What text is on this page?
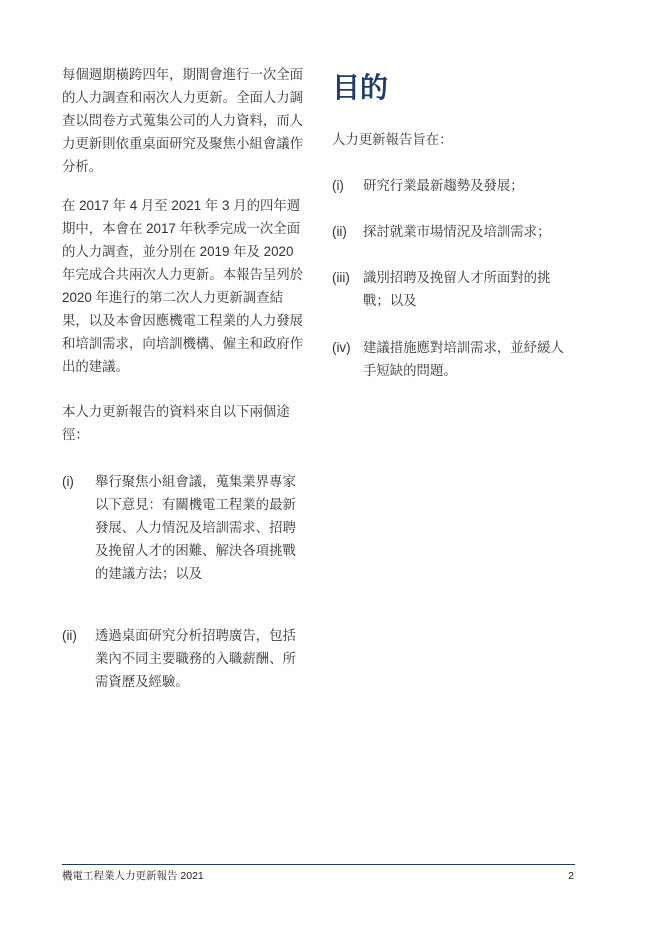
每個週期橫跨四年，期間會進行一次全面
的人力調查和兩次人力更新。全面人力調
查以問卷方式蒐集公司的人力資料，而人
力更新則依重桌面研究及聚焦小組會議作
分析。
在 2017 年 4 月至 2021 年 3 月的四年週
期中，本會在 2017 年秋季完成一次全面
的人力調查，並分別在 2019 年及 2020
年完成合共兩次人力更新。本報告呈列於
2020 年進行的第二次人力更新調查結
果，以及本會因應機電工程業的人力發展
和培訓需求，向培訓機構、僱主和政府作
出的建議。
本人力更新報告的資料來自以下兩個途
徑：
(i) 舉行聚焦小組會議，蒐集業界專家
以下意見：有關機電工程業的最新
發展、人力情況及培訓需求、招聘
及挽留人才的困難、解決各項挑戰
的建議方法；以及
(ii) 透過桌面研究分析招聘廣告，包括
業內不同主要職務的入職薪酬、所
需資歷及經驗。
目的
人力更新報告旨在：
(i) 研究行業最新趨勢及發展；
(ii) 探討就業市場情況及培訓需求；
(iii) 識別招聘及挽留人才所面對的挑
戰；以及
(iv) 建議措施應對培訓需求，並紓緩人
手短缺的問題。
機電工程業人力更新報告 2021	2
